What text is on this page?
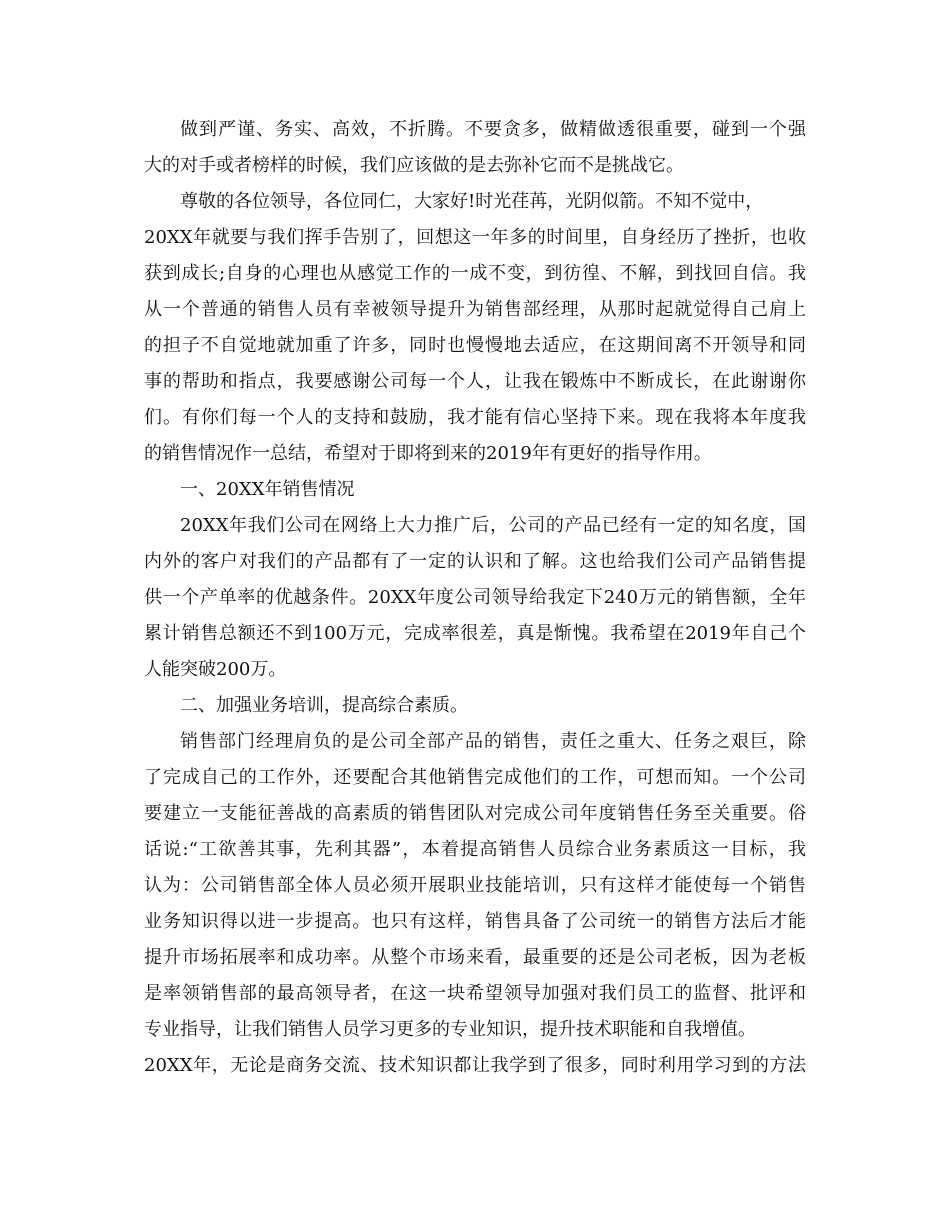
做到严谨、务实、高效，不折腾。不要贪多，做精做透很重要，碰到一个强
大的对手或者榜样的时候，我们应该做的是去弥补它而不是挑战它。
尊敬的各位领导，各位同仁，大家好!时光荏苒，光阴似箭。不知不觉中，
20XX年就要与我们挥手告别了，回想这一年多的时间里，自身经历了挫折，也收
获到成长;自身的心理也从感觉工作的一成不变，到彷徨、不解，到找回自信。我
从一个普通的销售人员有幸被领导提升为销售部经理，从那时起就觉得自己肩上
的担子不自觉地就加重了许多，同时也慢慢地去适应，在这期间离不开领导和同
事的帮助和指点，我要感谢公司每一个人，让我在锻炼中不断成长，在此谢谢你
们。有你们每一个人的支持和鼓励，我才能有信心坚持下来。现在我将本年度我
的销售情况作一总结，希望对于即将到来的2019年有更好的指导作用。
一、20XX年销售情况
20XX年我们公司在网络上大力推广后，公司的产品已经有一定的知名度，国
内外的客户对我们的产品都有了一定的认识和了解。这也给我们公司产品销售提
供一个产单率的优越条件。20XX年度公司领导给我定下240万元的销售额，全年
累计销售总额还不到100万元，完成率很差，真是惭愧。我希望在2019年自己个
人能突破200万。
二、加强业务培训，提高综合素质。
销售部门经理肩负的是公司全部产品的销售，责任之重大、任务之艰巨，除
了完成自己的工作外，还要配合其他销售完成他们的工作，可想而知。一个公司
要建立一支能征善战的高素质的销售团队对完成公司年度销售任务至关重要。俗
话说:“工欲善其事，先利其器”，本着提高销售人员综合业务素质这一目标，我
认为：公司销售部全体人员必须开展职业技能培训，只有这样才能使每一个销售
业务知识得以进一步提高。也只有这样，销售具备了公司统一的销售方法后才能
提升市场拓展率和成功率。从整个市场来看，最重要的还是公司老板，因为老板
是率领销售部的最高领导者，在这一块希望领导加强对我们员工的监督、批评和
专业指导，让我们销售人员学习更多的专业知识，提升技术职能和自我增值。
20XX年，无论是商务交流、技术知识都让我学到了很多，同时利用学习到的方法
